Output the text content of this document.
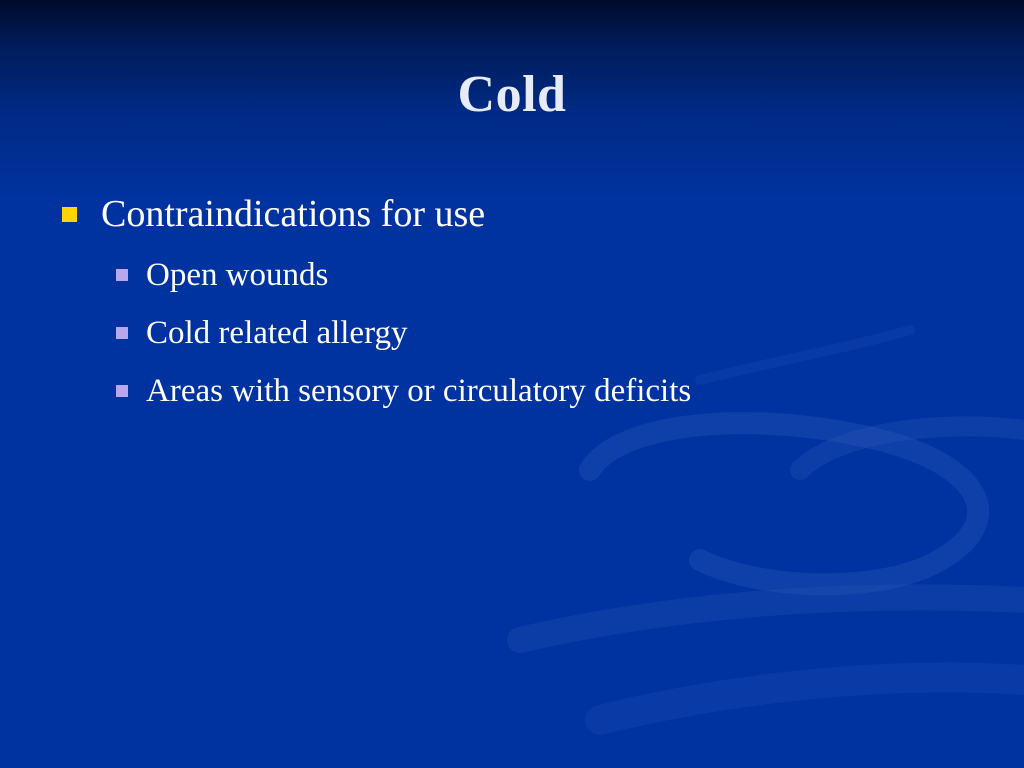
Cold
Contraindications for use
Open wounds
Cold related allergy
Areas with sensory or circulatory deficits
